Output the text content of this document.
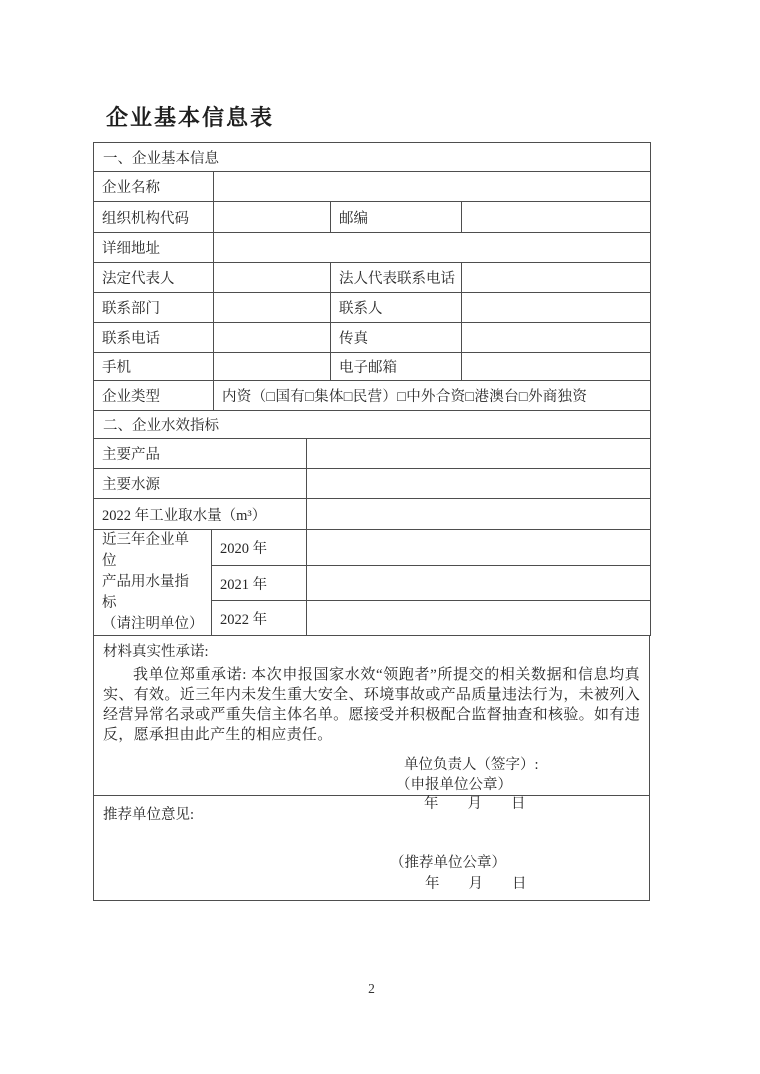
企业基本信息表
一、企业基本信息			
企业名称			
组织机构代码		邮编	
详细地址			
法定代表人		法人代表联系电话	
联系部门		联系人	
联系电话		传真	
手机		电子邮箱	
企业类型	内资（□国有□集体□民营）□中外合资□港澳台□外商独资		
二、企业水效指标		
主要产品		
主要水源		
2022 年工业取水量（m³）		
近三年企业单位
产品用水量指标
（请注明单位）	2020 年	
	2021 年	
	2022 年	
材料真实性承诺:
我单位郑重承诺: 本次申报国家水效“领跑者”所提交的相关数据和信息均真实、有效。近三年内未发生重大安全、环境事故或产品质量违法行为，未被列入经营异常名录或严重失信主体名单。愿接受并积极配合监督抽查和核验。如有违反，愿承担由此产生的相应责任。
单位负责人（签字）:
（申报单位公章）
年　　月　　日
推荐单位意见:
（推荐单位公章）
年　　月　　日
2
